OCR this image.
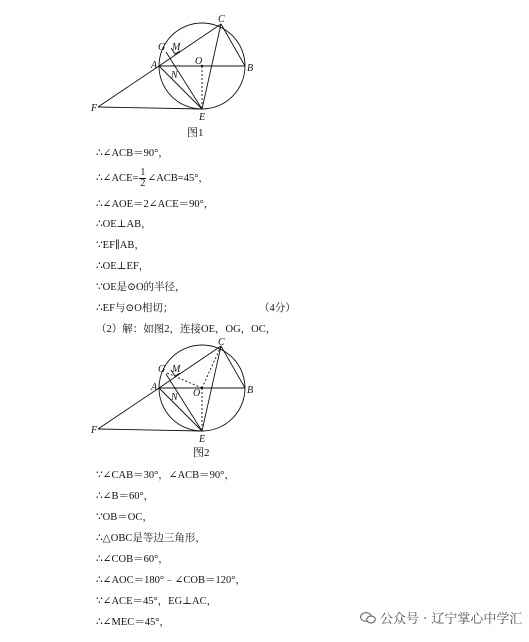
C
G M
A	O
B
N
F
E
图1
∴∠ACB＝90°，
∴∠ACE= $\frac{1}{2}$ ∠ACB=45°，
∴∠AOE＝2∠ACE＝90°，
∴OE⊥AB，
∵EF∥AB，
∴OE⊥EF，
∵OE是⊙O的半径，
∴EF与⊙O相切；	（4分）
（2）解：如图2，连接OE，OG，OC，
C
G M
A
O	B
N
F
E
图2
∵∠CAB＝30°，∠ACB＝90°，
∴∠B＝60°，
∵OB＝OC，
∴△OBC是等边三角形，
∴∠COB＝60°，
∴∠AOC＝180°﹣∠COB＝120°，
∵∠ACE＝45°，EG⊥AC，
∴∠MEC＝45°，	公众号 · 辽宁掌心中学汇
